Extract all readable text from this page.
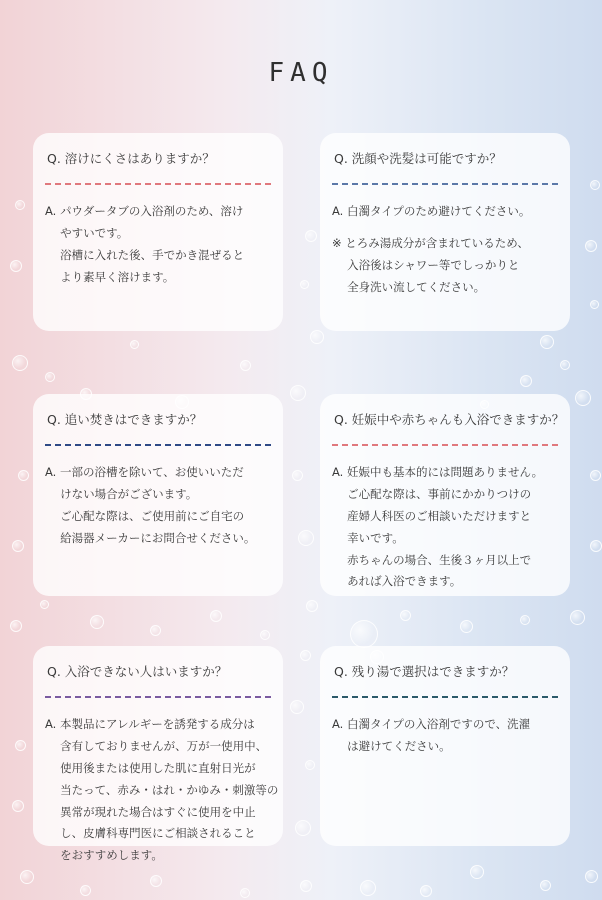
FAQ
Q. 溶けにくさはありますか？
A. パウダータブの入浴剤のため、溶け
　 やすいです。
　 浴槽に入れた後、手でかき混ぜると
　 より素早く溶けます。
Q. 洗顔や洗髪は可能ですか？
A. 白濁タイプのため避けてください。
※ とろみ湯成分が含まれているため、
　 入浴後はシャワー等でしっかりと
　 全身洗い流してください。
Q. 追い焚きはできますか？
A. 一部の浴槽を除いて、お使いいただ
　 けない場合がございます。
　 ご心配な際は、ご使用前にご自宅の
　 給湯器メーカーにお問合せください。
Q. 妊娠中や赤ちゃんも入浴できますか？
A. 妊娠中も基本的には問題ありません。
　 ご心配な際は、事前にかかりつけの
　 産婦人科医のご相談いただけますと
　 幸いです。
　 赤ちゃんの場合、生後３ヶ月以上で
　 あれば入浴できます。
Q. 入浴できない人はいますか？
A. 本製品にアレルギーを誘発する成分は
　 含有しておりませんが、万が一使用中、
　 使用後または使用した肌に直射日光が
　 当たって、赤み・はれ・かゆみ・刺激等の
　 異常が現れた場合はすぐに使用を中止
　 し、皮膚科専門医にご相談されること
　 をおすすめします。
Q. 残り湯で選択はできますか？
A. 白濁タイプの入浴剤ですので、洗濯
　 は避けてください。
